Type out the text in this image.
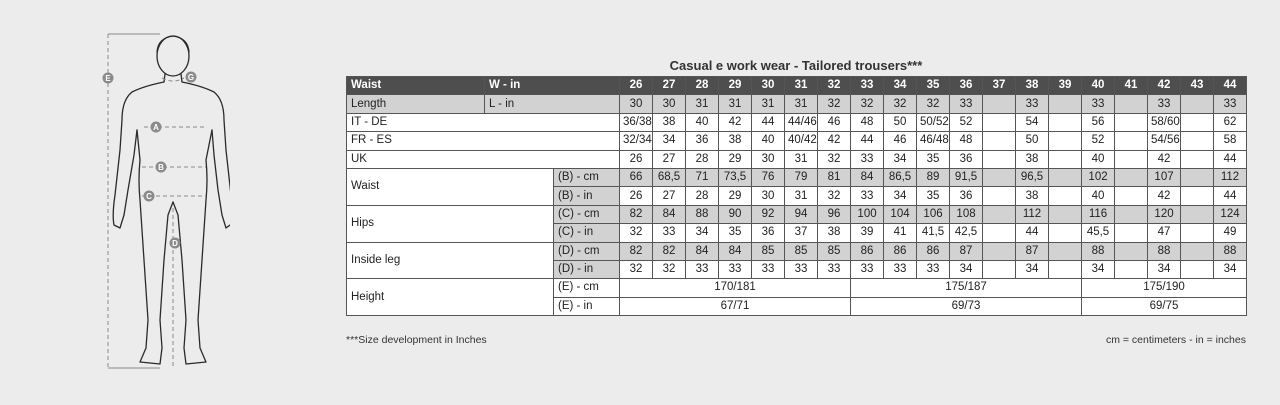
E	G
A
B
C
D
Casual e work wear - Tailored trousers***
Waist	W - in		26	27	28	29	30	31	32	33	34	35	36	37	38	39	40	41	42	43	44
Length	L - in		30	30	31	31	31	31	32	32	32	32	33		33		33		33		33
IT - DE			36/38	38	40	42	44	44/46	46	48	50	50/52	52		54		56		58/60		62
FR - ES			32/34	34	36	38	40	40/42	42	44	46	46/48	48		50		52		54/56		58
UK			26	27	28	29	30	31	32	33	34	35	36		38		40		42		44
Waist		(B) - cm	66	68,5	71	73,5	76	79	81	84	86,5	89	91,5		96,5		102		107		112
		(B) - in	26	27	28	29	30	31	32	33	34	35	36		38		40		42		44
Hips		(C) - cm	82	84	88	90	92	94	96	100	104	106	108		112		116		120		124
		(C) - in	32	33	34	35	36	37	38	39	41	41,5	42,5		44		45,5		47		49
Inside leg		(D) - cm	82	82	84	84	85	85	85	86	86	86	87		87		88		88		88
		(D) - in	32	32	33	33	33	33	33	33	33	33	34		34		34		34		34
Height		(E) - cm	170/181							175/187							175/190				
		(E) - in	67/71							69/73							69/75				
***Size development in Inches	cm = centimeters - in = inches
